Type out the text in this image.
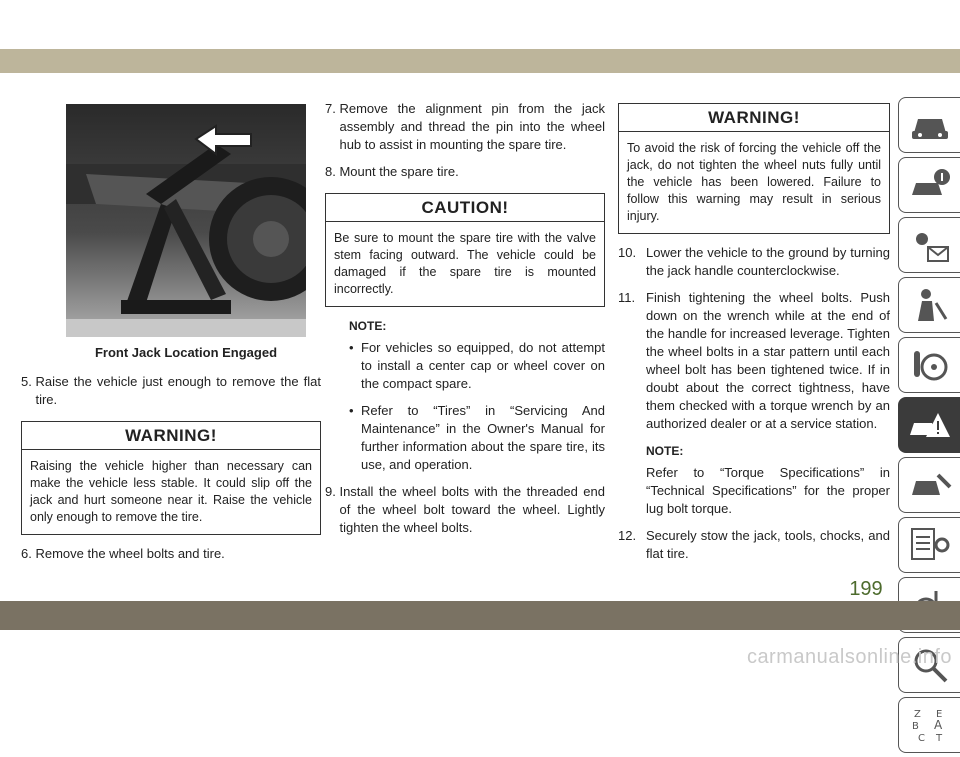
Front Jack Location Engaged
5. Raise the vehicle just enough to remove the flat tire.
WARNING!
Raising the vehicle higher than necessary can make the vehicle less stable. It could slip off the jack and hurt someone near it. Raise the vehicle only enough to remove the tire.
6. Remove the wheel bolts and tire.
7. Remove the alignment pin from the jack assembly and thread the pin into the wheel hub to assist in mounting the spare tire.
8. Mount the spare tire.
CAUTION!
Be sure to mount the spare tire with the valve stem facing outward. The vehicle could be damaged if the spare tire is mounted incorrectly.
NOTE:
• For vehicles so equipped, do not attempt to install a center cap or wheel cover on the compact spare.
• Refer to “Tires” in “Servicing And Maintenance” in the Owner's Manual for further information about the spare tire, its use, and operation.
9. Install the wheel bolts with the threaded end of the wheel bolt toward the wheel. Lightly tighten the wheel bolts.
WARNING!
To avoid the risk of forcing the vehicle off the jack, do not tighten the wheel nuts fully until the vehicle has been lowered. Failure to follow this warning may result in serious injury.
10. Lower the vehicle to the ground by turning the jack handle counterclockwise.
11. Finish tightening the wheel bolts. Push down on the wrench while at the end of the handle for increased leverage. Tighten the wheel bolts in a star pattern until each wheel bolt has been tightened twice. If in doubt about the correct tightness, have them checked with a torque wrench by an authorized dealer or at a service station.
NOTE:
Refer to “Torque Specifications” in “Technical Specifications” for the proper lug bolt torque.
12. Securely stow the jack, tools, chocks, and flat tire.
Z E
A
B
C T
199
carmanualsonline.info
